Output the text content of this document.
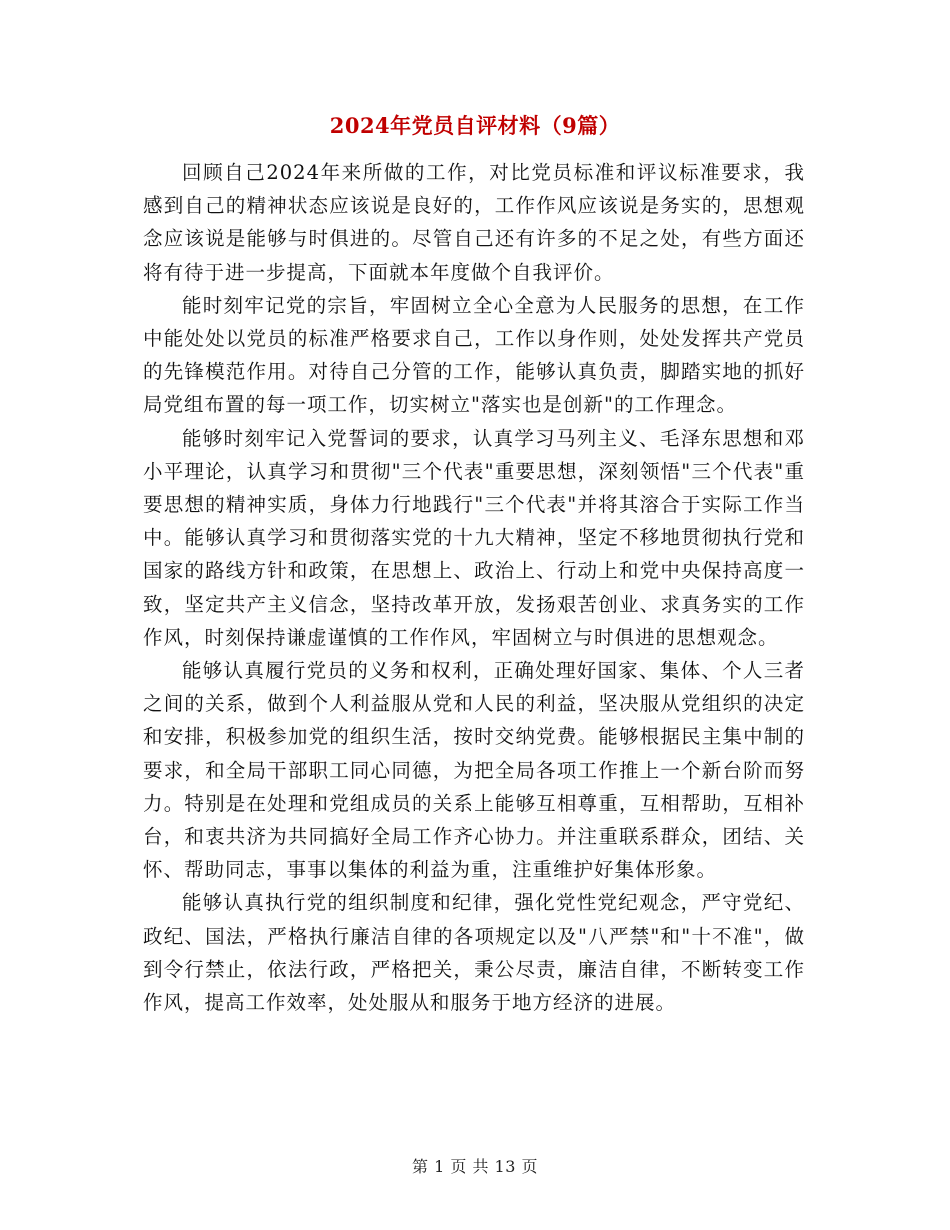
2024年党员自评材料（9篇）

回顾自己2024年来所做的工作，对比党员标准和评议标准要求，我感到自己的精神状态应该说是良好的，工作作风应该说是务实的，思想观念应该说是能够与时俱进的。尽管自己还有许多的不足之处，有些方面还将有待于进一步提高，下面就本年度做个自我评价。

能时刻牢记党的宗旨，牢固树立全心全意为人民服务的思想，在工作中能处处以党员的标准严格要求自己，工作以身作则，处处发挥共产党员的先锋模范作用。对待自己分管的工作，能够认真负责，脚踏实地的抓好局党组布置的每一项工作，切实树立"落实也是创新"的工作理念。

能够时刻牢记入党誓词的要求，认真学习马列主义、毛泽东思想和邓小平理论，认真学习和贯彻"三个代表"重要思想，深刻领悟"三个代表"重要思想的精神实质，身体力行地践行"三个代表"并将其溶合于实际工作当中。能够认真学习和贯彻落实党的十九大精神，坚定不移地贯彻执行党和国家的路线方针和政策，在思想上、政治上、行动上和党中央保持高度一致，坚定共产主义信念，坚持改革开放，发扬艰苦创业、求真务实的工作作风，时刻保持谦虚谨慎的工作作风，牢固树立与时俱进的思想观念。

能够认真履行党员的义务和权利，正确处理好国家、集体、个人三者之间的关系，做到个人利益服从党和人民的利益，坚决服从党组织的决定和安排，积极参加党的组织生活，按时交纳党费。能够根据民主集中制的要求，和全局干部职工同心同德，为把全局各项工作推上一个新台阶而努力。特别是在处理和党组成员的关系上能够互相尊重，互相帮助，互相补台，和衷共济为共同搞好全局工作齐心协力。并注重联系群众，团结、关怀、帮助同志，事事以集体的利益为重，注重维护好集体形象。

能够认真执行党的组织制度和纪律，强化党性党纪观念，严守党纪、政纪、国法，严格执行廉洁自律的各项规定以及"八严禁"和"十不准"，做到令行禁止，依法行政，严格把关，秉公尽责，廉洁自律，不断转变工作作风，提高工作效率，处处服从和服务于地方经济的进展。

第 1 页 共 13 页
